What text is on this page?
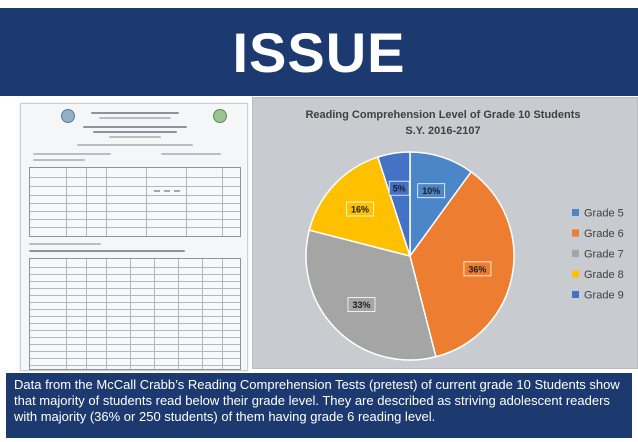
ISSUE
Reading Comprehension Level of Grade 10 Students
S.Y. 2016-2107
10%
36%
33%
16%
5%
Grade 5
Grade 6
Grade 7
Grade 8
Grade 9

Data from the McCall Crabb’s Reading Comprehension Tests (pretest) of current grade 10 Students show that majority of students read below their grade level. They are described as striving adolescent readers with majority (36% or 250 students) of them having grade 6 reading level.
